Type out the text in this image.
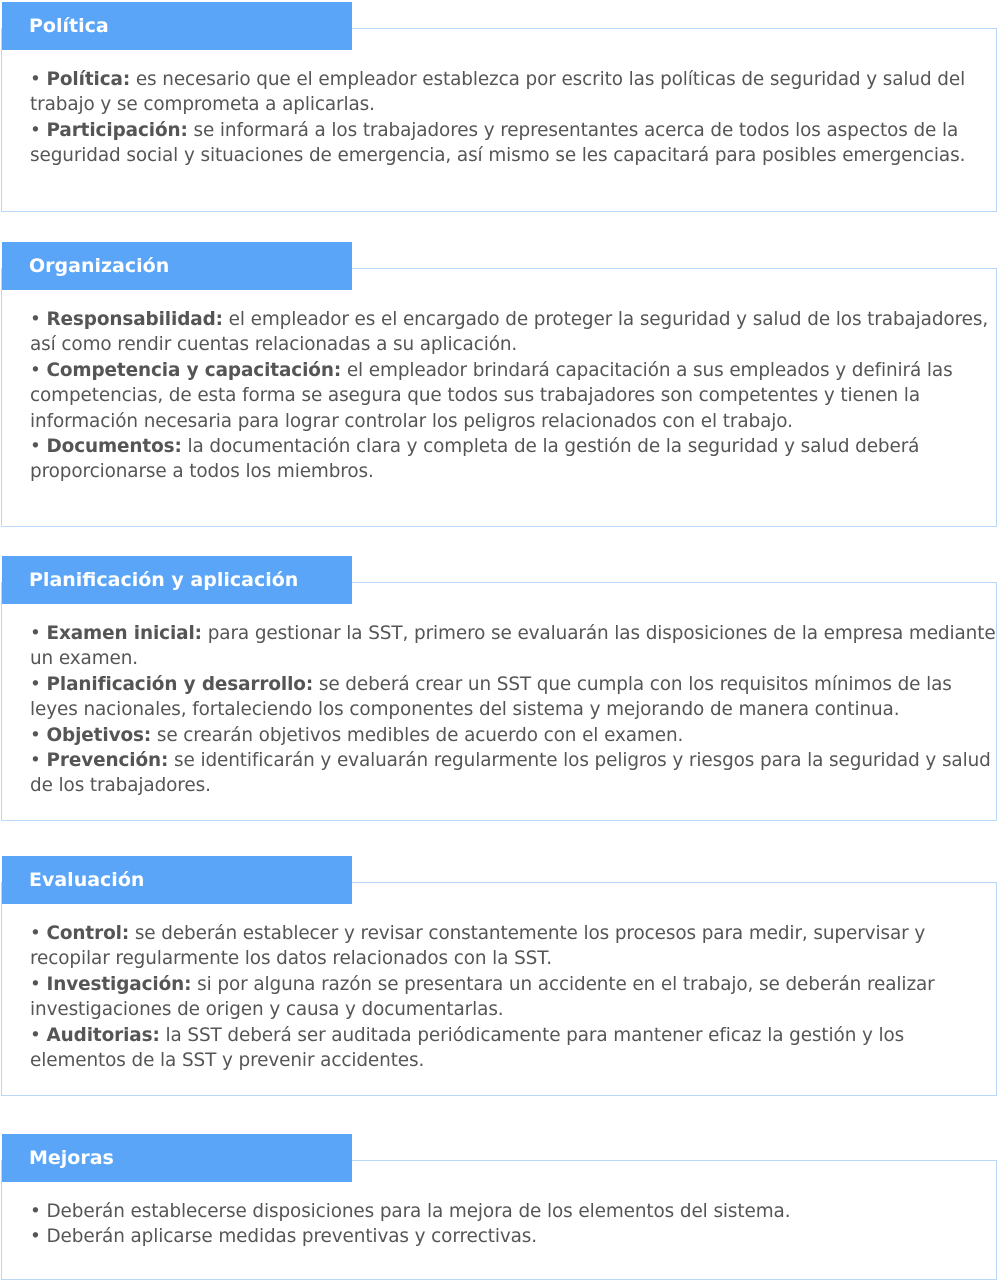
Política
• Política: es necesario que el empleador establezca por escrito las políticas de seguridad y salud del trabajo y se comprometa a aplicarlas.
• Participación: se informará a los trabajadores y representantes acerca de todos los aspectos de la seguridad social y situaciones de emergencia, así mismo se les capacitará para posibles emergencias.
Organización
• Responsabilidad: el empleador es el encargado de proteger la seguridad y salud de los trabajadores, así como rendir cuentas relacionadas a su aplicación.
• Competencia y capacitación: el empleador brindará capacitación a sus empleados y definirá las competencias, de esta forma se asegura que todos sus trabajadores son competentes y tienen la información necesaria para lograr controlar los peligros relacionados con el trabajo.
• Documentos: la documentación clara y completa de la gestión de la seguridad y salud deberá proporcionarse a todos los miembros.
Planificación y aplicación
• Examen inicial: para gestionar la SST, primero se evaluarán las disposiciones de la empresa mediante un examen.
• Planificación y desarrollo: se deberá crear un SST que cumpla con los requisitos mínimos de las leyes nacionales, fortaleciendo los componentes del sistema y mejorando de manera continua.
• Objetivos: se crearán objetivos medibles de acuerdo con el examen.
• Prevención: se identificarán y evaluarán regularmente los peligros y riesgos para la seguridad y salud de los trabajadores.
Evaluación
• Control: se deberán establecer y revisar constantemente los procesos para medir, supervisar y recopilar regularmente los datos relacionados con la SST.
• Investigación: si por alguna razón se presentara un accidente en el trabajo, se deberán realizar investigaciones de origen y causa y documentarlas.
• Auditorias: la SST deberá ser auditada periódicamente para mantener eficaz la gestión y los elementos de la SST y prevenir accidentes.
Mejoras
• Deberán establecerse disposiciones para la mejora de los elementos del sistema.
• Deberán aplicarse medidas preventivas y correctivas.
